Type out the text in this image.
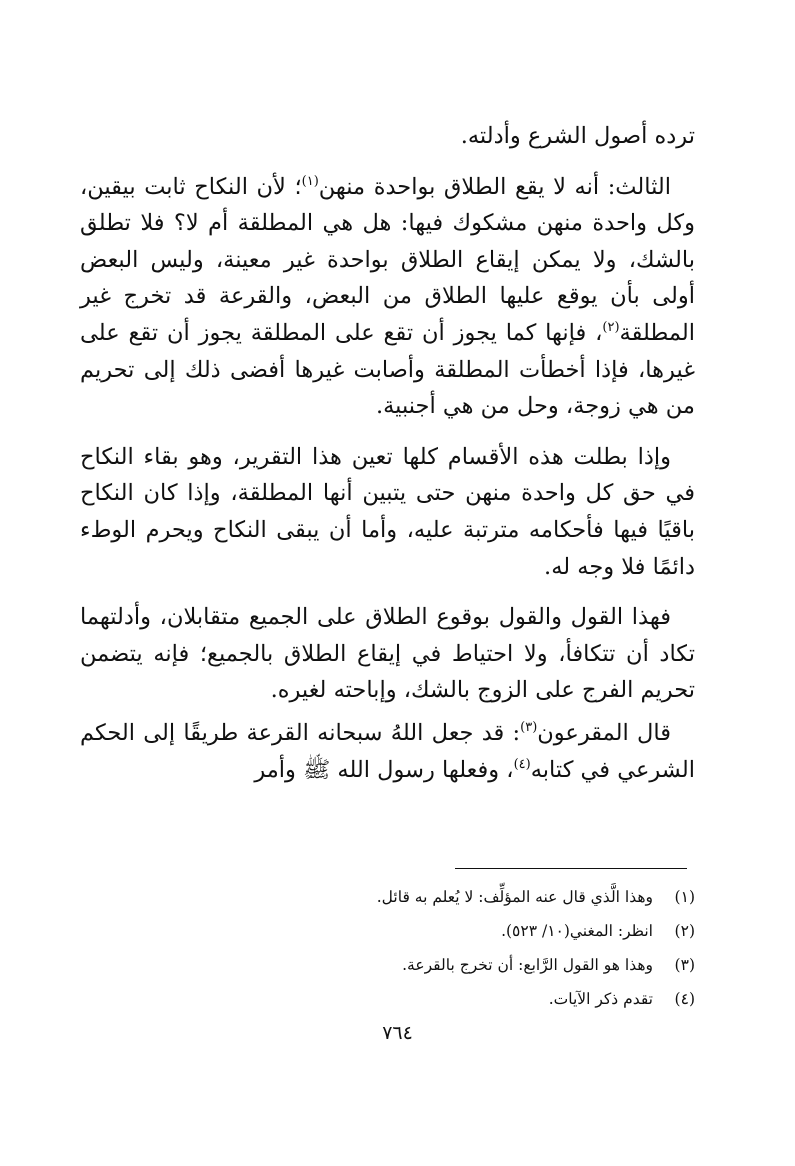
ترده أصول الشرع وأدلته.

الثالث: أنه لا يقع الطلاق بواحدة منهن$^{(١)}$؛ لأن النكاح ثابت بيقين، وكل واحدة منهن مشكوك فيها: هل هي المطلقة أم لا؟ فلا تطلق بالشك، ولا يمكن إيقاع الطلاق بواحدة غير معينة، وليس البعض أولى بأن يوقع عليها الطلاق من البعض، والقرعة قد تخرج غير المطلقة$^{(٢)}$، فإنها كما يجوز أن تقع على المطلقة يجوز أن تقع على غيرها، فإذا أخطأت المطلقة وأصابت غيرها أفضى ذلك إلى تحريم من هي زوجة، وحل من هي أجنبية.

وإذا بطلت هذه الأقسام كلها تعين هذا التقرير، وهو بقاء النكاح في حق كل واحدة منهن حتى يتبين أنها المطلقة، وإذا كان النكاح باقيًا فيها فأحكامه مترتبة عليه، وأما أن يبقى النكاح ويحرم الوطء دائمًا فلا وجه له.

فهذا القول والقول بوقوع الطلاق على الجميع متقابلان، وأدلتهما تكاد أن تتكافأ، ولا احتياط في إيقاع الطلاق بالجميع؛ فإنه يتضمن تحريم الفرج على الزوج بالشك، وإباحته لغيره.

قال المقرعون$^{(٣)}$: قد جعل اللهُ سبحانه القرعة طريقًا إلى الحكم الشرعي في كتابه$^{(٤)}$، وفعلها رسول الله ﷺ وأمر

(١)
وهذا الَّذي قال عنه المؤلِّف: لا يُعلم به قائل.
(٢)
انظر: المغني(١٠/ ٥٢٣).
(٣)
وهذا هو القول الرَّابع: أن تخرج بالقرعة.
(٤)
تقدم ذكر الآيات.
٧٦٤
